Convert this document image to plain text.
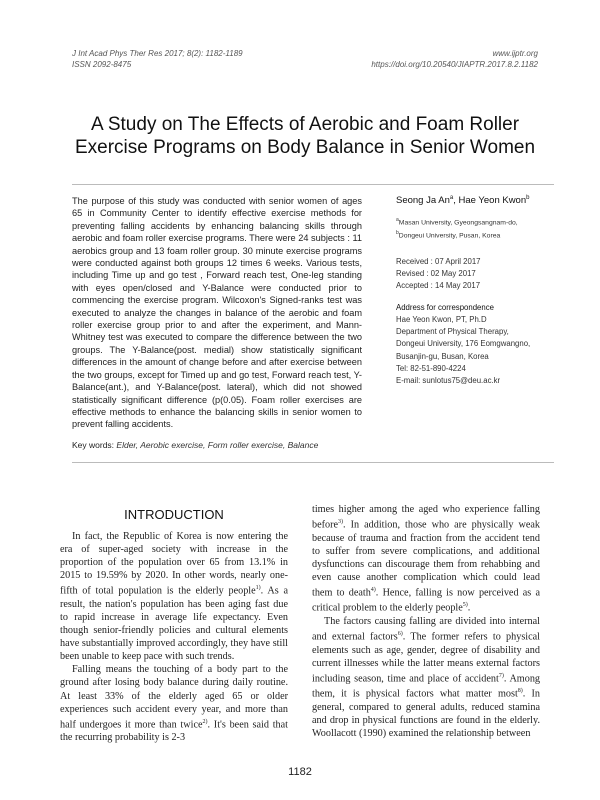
J Int Acad Phys Ther Res 2017; 8(2): 1182-1189
ISSN 2092-8475
www.ijptr.org
https://doi.org/10.20540/JIAPTR.2017.8.2.1182
A Study on The Effects of Aerobic and Foam Roller
Exercise Programs on Body Balance in Senior Women

The purpose of this study was conducted with senior women of ages 65 in Community Center to identify effective exercise methods for preventing falling accidents by enhancing balancing skills through aerobic and foam roller exercise programs. There were 24 subjects : 11 aerobics group and 13 foam roller group. 30 minute exercise programs were conducted against both groups 12 times 6 weeks. Various tests, including Time up and go test , Forward reach test, One-leg standing with eyes open/closed and Y-Balance were conducted prior to commencing the exercise program. Wilcoxon's Signed-ranks test was executed to analyze the changes in balance of the aerobic and foam roller exercise group prior to and after the experiment, and Mann-Whitney test was executed to compare the difference between the two groups. The Y-Balance(post. medial) show statistically significant differences in the amount of change before and after exercise between the two groups, except for Timed up and go test, Forward reach test, Y-Balance(ant.), and Y-Balance(post. lateral), which did not showed statistically significant difference (p(0.05). Foam roller exercises are effective methods to enhance the balancing skills in senior women to prevent falling accidents.

Seong Ja An$^a$, Hae Yeon Kwon$^b$

$^a$Masan University, Gyeongsangnam-do,

$^b$Dongeui University, Pusan, Korea

Received : 07 April 2017
Revised : 02 May 2017
Accepted : 14 May 2017
Address for correspondence
Hae Yeon Kwon, PT, Ph.D
Department of Physical Therapy,
Dongeui University, 176 Eomgwangno,
Busanjin-gu, Busan, Korea
Tel: 82-51-890-4224
E-mail: sunlotus75@deu.ac.kr
Key words: Elder, Aerobic exercise, Form roller exercise, Balance
INTRODUCTION

In fact, the Republic of Korea is now entering the era of super-aged society with increase in the proportion of the population over 65 from 13.1% in 2015 to 19.59% by 2020. In other words, nearly one-fifth of total population is the elderly people$^{1)}$. As a result, the nation's population has been aging fast due to rapid increase in average life expectancy. Even though senior-friendly policies and cultural elements have substantially improved accordingly, they have still been unable to keep pace with such trends.

Falling means the touching of a body part to the ground after losing body balance during daily routine. At least 33% of the elderly aged 65 or older experiences such accident every year, and more than half undergoes it more than twice$^{2)}$. It's been said that the recurring probability is 2-3

times higher among the aged who experience falling before$^{3)}$. In addition, those who are physically weak because of trauma and fraction from the accident tend to suffer from severe complications, and additional dysfunctions can discourage them from rehabbing and even cause another complication which could lead them to death$^{4)}$. Hence, falling is now perceived as a critical problem to the elderly people$^{5)}$.

The factors causing falling are divided into internal and external factors$^{6)}$. The former refers to physical elements such as age, gender, degree of disability and current illnesses while the latter means external factors including season, time and place of accident$^{7)}$. Among them, it is physical factors what matter most$^{8)}$. In general, compared to general adults, reduced stamina and drop in physical functions are found in the elderly. Woollacott (1990) examined the relationship between

1182
